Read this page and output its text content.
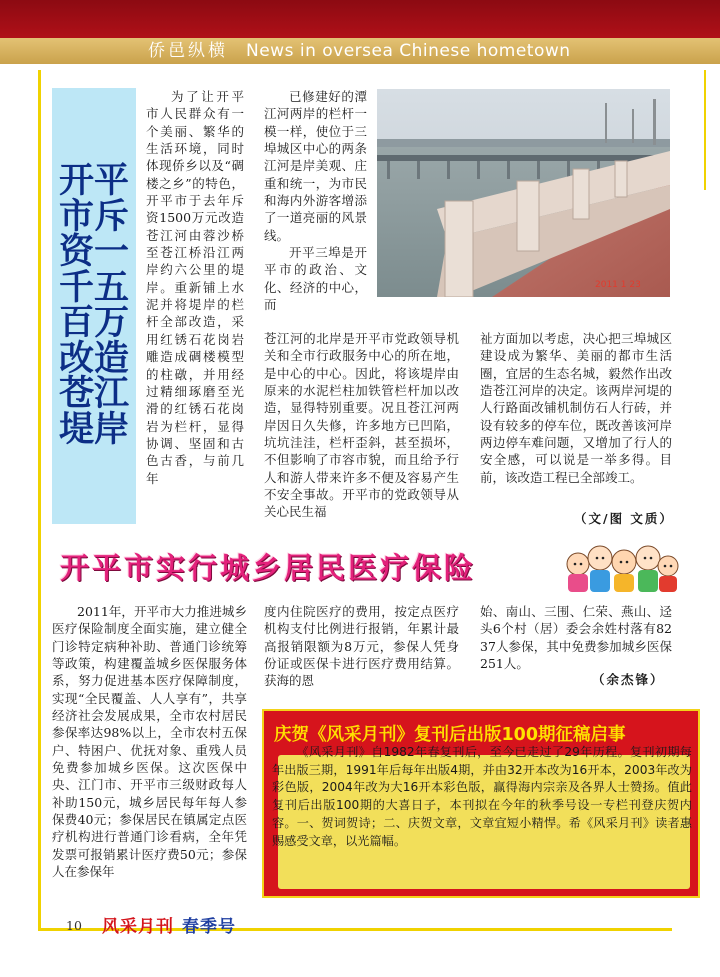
侨邑纵横 News in oversea Chinese hometown
开平市斥资一千五百万改造苍江堤岸
为了让开平市人民群众有一个美丽、繁华的生活环境，同时体现侨乡以及“碉楼之乡”的特色，开平市于去年斥资1500万元改造苍江河由蓉沙桥至苍江桥沿江两岸约六公里的堤岸。重新铺上水泥并将堤岸的栏杆全部改造，采用红锈石花岗岩雕造成碉楼模型的柱礅，并用经过精细琢磨至光滑的红锈石花岗岩为栏杆，显得协调、坚固和古色古香，与前几年
已修建好的潭江河两岸的栏杆一模一样，使位于三埠城区中心的两条江河是岸美观、庄重和统一，为市民和海内外游客增添了一道亮丽的风景线。
开平三埠是开平市的政治、文化、经济的中心，而
2011 1 23
苍江河的北岸是开平市党政领导机关和全市行政服务中心的所在地，是中心的中心。因此，将该堤岸由原来的水泥栏柱加铁管栏杆加以改造，显得特别重要。况且苍江河两岸因日久失修，许多地方已凹陷，坑坑洼洼，栏杆歪斜，甚至损坏，不但影响了市容市貌，而且给予行人和游人带来许多不便及容易产生不安全事故。开平市的党政领导从关心民生福
祉方面加以考虑，决心把三埠城区建设成为繁华、美丽的都市生活圈，宜居的生态名城，毅然作出改造苍江河岸的决定。该两岸河堤的人行路面改铺机制仿石人行砖，并设有较多的停车位，既改善该河岸两边停车难问题，又增加了行人的安全感，可以说是一举多得。目前，该改造工程已全部竣工。
（文/图 文质）
开平市实行城乡居民医疗保险
2011年，开平市大力推进城乡医疗保险制度全面实施，建立健全门诊特定病种补助、普通门诊统筹等政策，构建覆盖城乡医保服务体系，努力促进基本医疗保障制度，实现“全民覆盖、人人享有”，共享经济社会发展成果，全市农村居民参保率达98%以上，全市农村五保户、特困户、优抚对象、重残人员免费参加城乡医保。这次医保中央、江门市、开平市三级财政每人补助150元，城乡居民每年每人参保费40元；参保居民在镇属定点医疗机构进行普通门诊看病，全年凭发票可报销累计医疗费50元；参保人在参保年
度内住院医疗的费用，按定点医疗机构支付比例进行报销，年累计最高报销限额为8万元，参保人凭身份证或医保卡进行医疗费用结算。获海的恩
始、南山、三围、仁荣、燕山、迳头6个村（居）委会余姓村落有8237人参保，其中免费参加城乡医保251人。
（余杰锋）
庆贺《风采月刊》复刊后出版100期征稿启事
《风采月刊》自1982年春复刊后，至今已走过了29年历程。复刊初期每年出版三期，1991年后每年出版4期，并由32开本改为16开本，2003年改为彩色版，2004年改为大16开本彩色版，赢得海内宗亲及各界人士赞扬。值此复刊后出版100期的大喜日子，本刊拟在今年的秋季号设一专栏刊登庆贺内容。一、贺词贺诗；二、庆贺文章，文章宜短小精悍。希《风采月刊》读者惠赐感受文章，以光篇幅。
10 风采月刊 春季号
